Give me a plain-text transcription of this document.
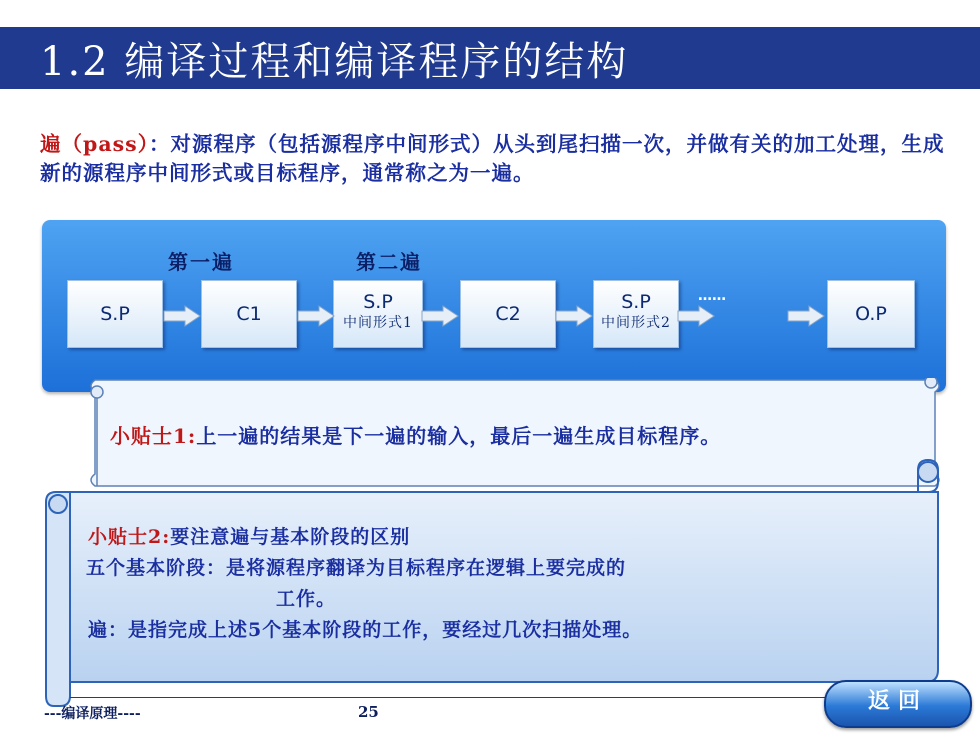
1.2 编译过程和编译程序的结构
遍（pass）：对源程序（包括源程序中间形式）从头到尾扫描一次，并做有关的加工处理，生成新的源程序中间形式或目标程序，通常称之为一遍。
第一遍	第二遍
S.P	C1
S.P
中间形式1	C2
S.P
中间形式2	O.P
……
小贴士1:上一遍的结果是下一遍的输入，最后一遍生成目标程序。
小贴士2:要注意遍与基本阶段的区别
五个基本阶段：是将源程序翻译为目标程序在逻辑上要完成的
工作。
遍：是指完成上述5个基本阶段的工作，要经过几次扫描处理。
---编译原理----	25	返回
